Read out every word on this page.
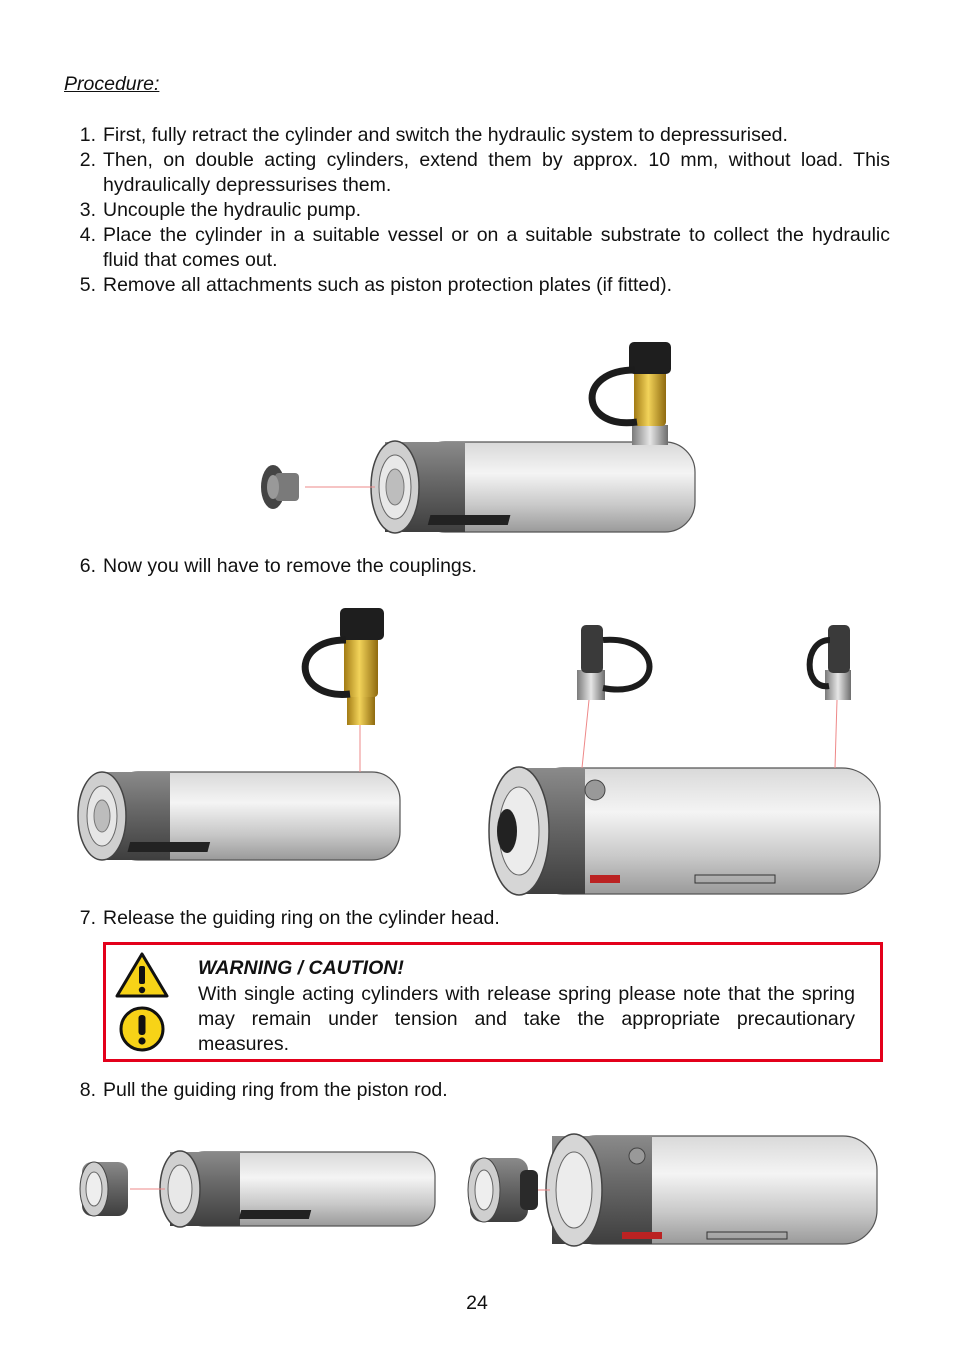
Procedure:
1. First, fully retract the cylinder and switch the hydraulic system to depressurised.
2. Then, on double acting cylinders, extend them by approx. 10 mm, without load. This hydraulically depressurises them.
3. Uncouple the hydraulic pump.
4. Place the cylinder in a suitable vessel or on a suitable substrate to collect the hydraulic fluid that comes out.
5. Remove all attachments such as piston protection plates (if fitted).
6. Now you will have to remove the couplings.
7. Release the guiding ring on the cylinder head.
WARNING / CAUTION!
With single acting cylinders with release spring please note that the spring may remain under tension and take the appropriate precautionary measures.
8. Pull the guiding ring from the piston rod.
24
